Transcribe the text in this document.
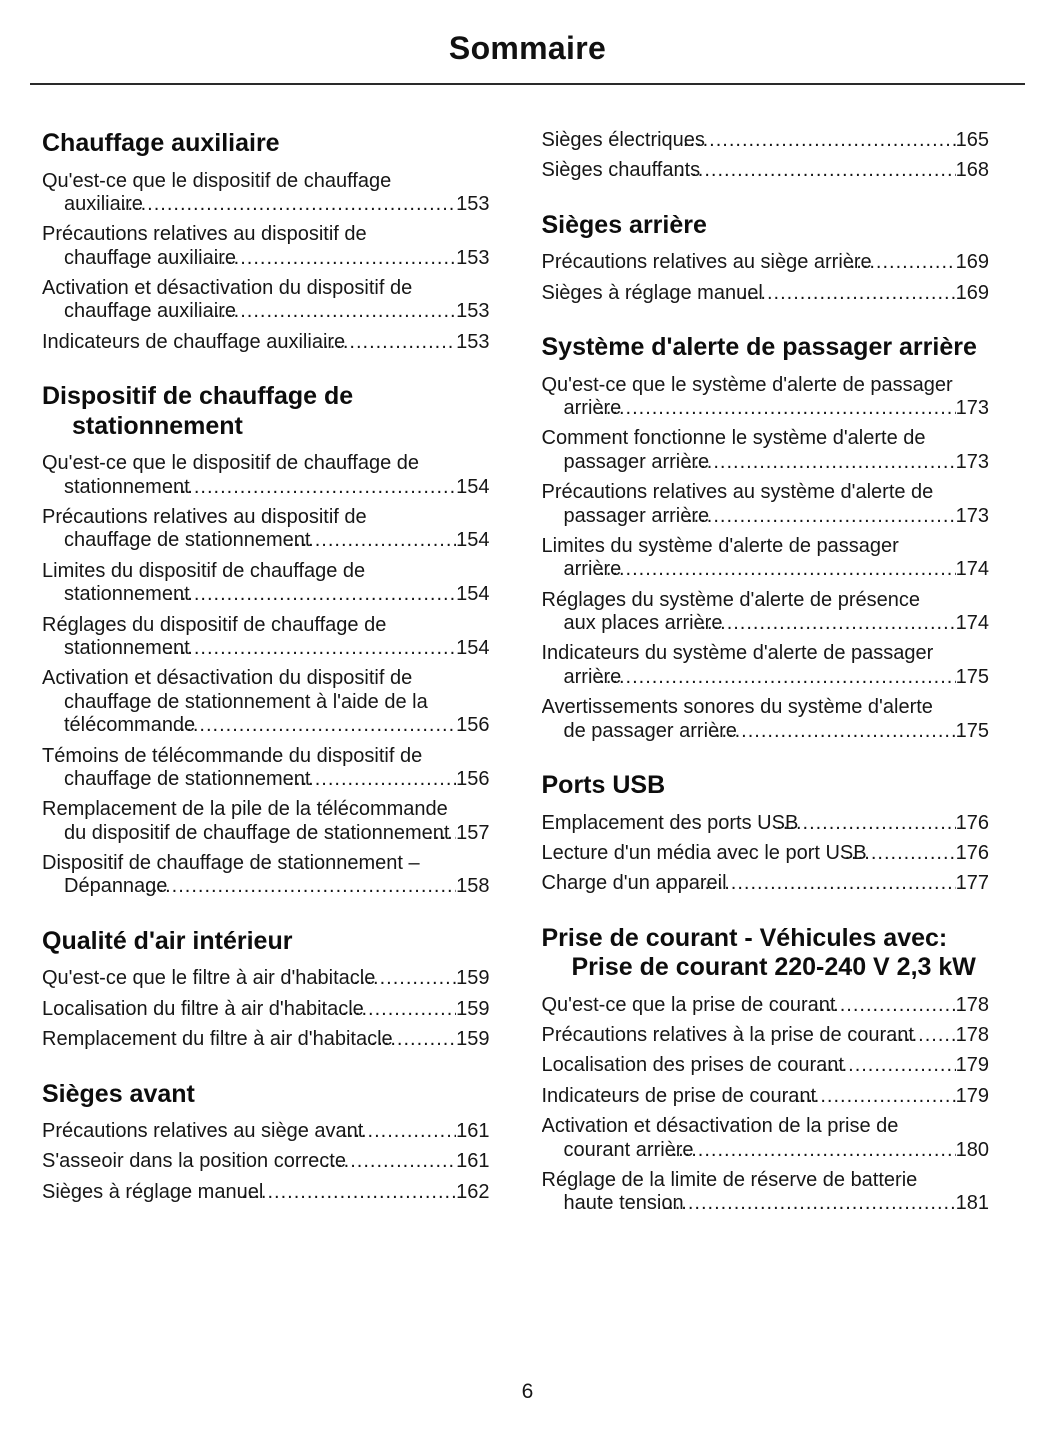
Sommaire
Chauffage auxiliaire
Qu'est-ce que le dispositif de chauffage auxiliaire .....	153
Précautions relatives au dispositif de chauffage auxiliaire .....	153
Activation et désactivation du dispositif de chauffage auxiliaire .....	153
Indicateurs de chauffage auxiliaire .....	153
Dispositif de chauffage de stationnement
Qu'est-ce que le dispositif de chauffage de stationnement .....	154
Précautions relatives au dispositif de chauffage de stationnement .....	154
Limites du dispositif de chauffage de stationnement .....	154
Réglages du dispositif de chauffage de stationnement .....	154
Activation et désactivation du dispositif de chauffage de stationnement à l'aide de la télécommande .....	156
Témoins de télécommande du dispositif de chauffage de stationnement .....	156
Remplacement de la pile de la télécommande du dispositif de chauffage de stationnement ..... 157
Dispositif de chauffage de stationnement – Dépannage .....	158
Qualité d'air intérieur
Qu'est-ce que le filtre à air d'habitacle .....	159
Localisation du filtre à air d'habitacle .....	159
Remplacement du filtre à air d'habitacle .....	159
Sièges avant
Précautions relatives au siège avant .....	161
S'asseoir dans la position correcte .....	161
Sièges à réglage manuel .....	162
Sièges électriques .....	165
Sièges chauffants .....	168
Sièges arrière
Précautions relatives au siège arrière .....	169
Sièges à réglage manuel .....	169
Système d'alerte de passager arrière
Qu'est-ce que le système d'alerte de passager arrière .....	173
Comment fonctionne le système d'alerte de passager arrière .....	173
Précautions relatives au système d'alerte de passager arrière .....	173
Limites du système d'alerte de passager arrière .....	174
Réglages du système d'alerte de présence aux places arrière .....	174
Indicateurs du système d'alerte de passager arrière .....	175
Avertissements sonores du système d'alerte de passager arrière .....	175
Ports USB
Emplacement des ports USB .....	176
Lecture d'un média avec le port USB .....	176
Charge d'un appareil .....	177
Prise de courant - Véhicules avec: Prise de courant 220-240 V 2,3 kW
Qu'est-ce que la prise de courant .....	178
Précautions relatives à la prise de courant .....	178
Localisation des prises de courant .....	179
Indicateurs de prise de courant .....	179
Activation et désactivation de la prise de courant arrière .....	180
Réglage de la limite de réserve de batterie haute tension .....	181
6
